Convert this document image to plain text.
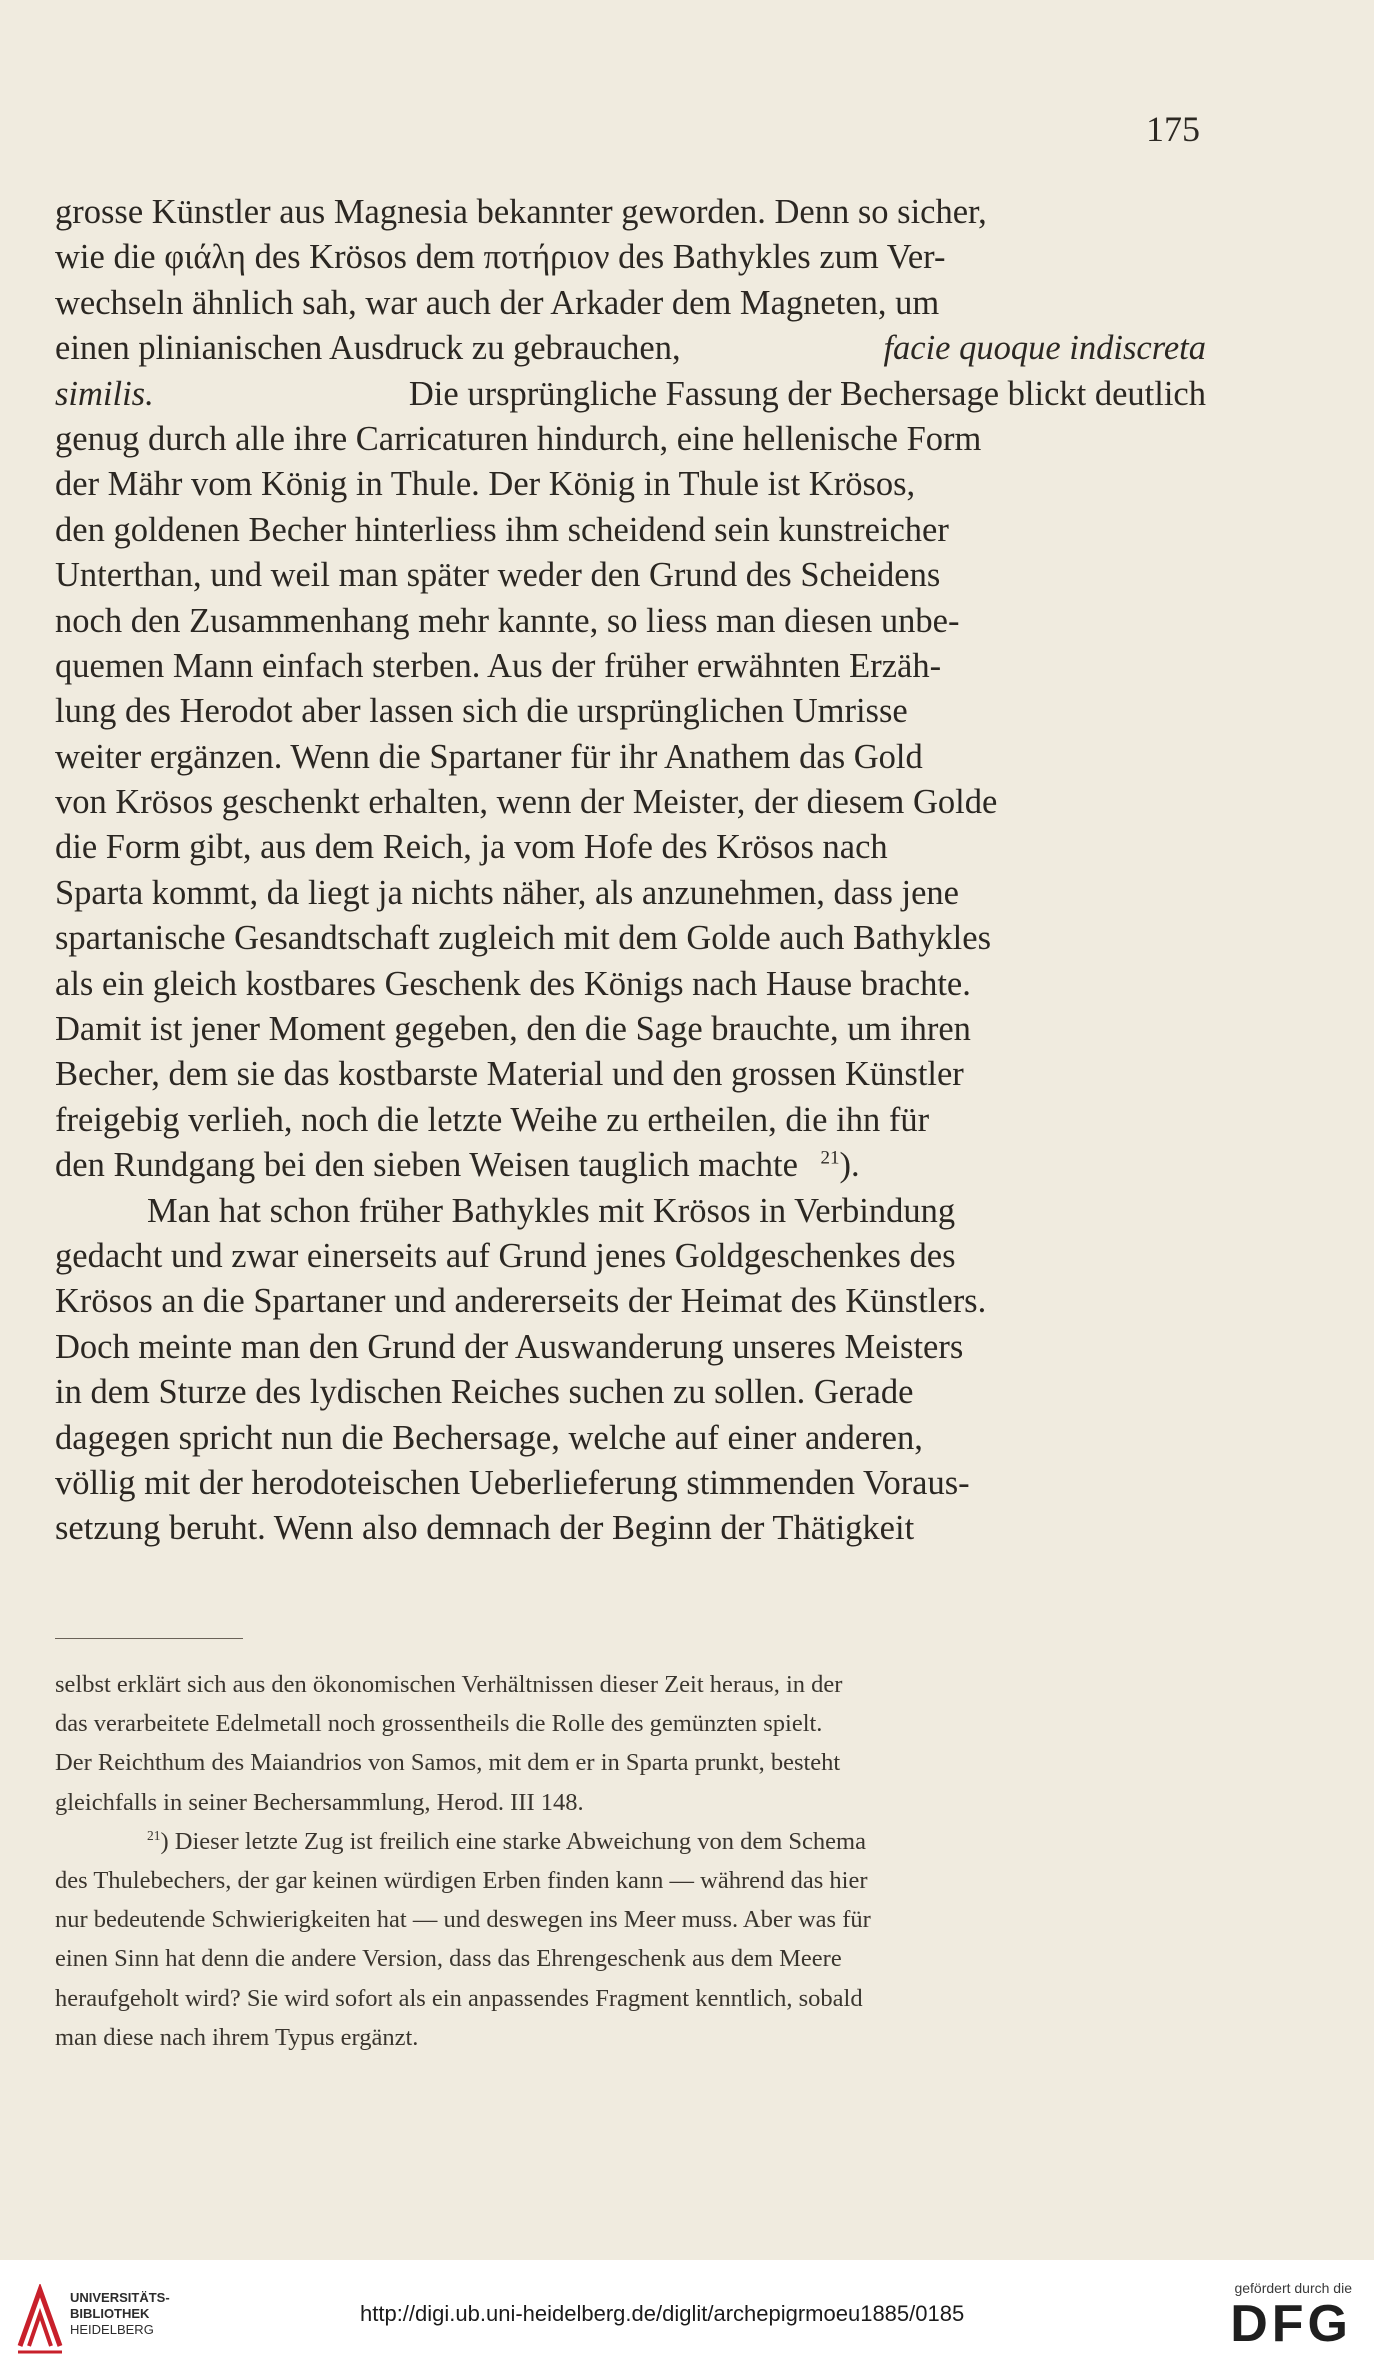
175
grosse Künstler aus Magnesia bekannter geworden. Denn so sicher,
wie die φιάλη des Krösos dem ποτήριον des Bathykles zum Ver-
wechseln ähnlich sah, war auch der Arkader dem Magneten, um
einen plinianischen Ausdruck zu gebrauchen,	facie quoque indiscreta
similis.	Die ursprüngliche Fassung der Bechersage blickt deutlich
genug durch alle ihre Carricaturen hindurch, eine hellenische Form
der Mähr vom König in Thule. Der König in Thule ist Krösos,
den goldenen Becher hinterliess ihm scheidend sein kunstreicher
Unterthan, und weil man später weder den Grund des Scheidens
noch den Zusammenhang mehr kannte, so liess man diesen unbe-
quemen Mann einfach sterben. Aus der früher erwähnten Erzäh-
lung des Herodot aber lassen sich die ursprünglichen Umrisse
weiter ergänzen. Wenn die Spartaner für ihr Anathem das Gold
von Krösos geschenkt erhalten, wenn der Meister, der diesem Golde
die Form gibt, aus dem Reich, ja vom Hofe des Krösos nach
Sparta kommt, da liegt ja nichts näher, als anzunehmen, dass jene
spartanische Gesandtschaft zugleich mit dem Golde auch Bathykles
als ein gleich kostbares Geschenk des Königs nach Hause brachte.
Damit ist jener Moment gegeben, den die Sage brauchte, um ihren
Becher, dem sie das kostbarste Material und den grossen Künstler
freigebig verlieh, noch die letzte Weihe zu ertheilen, die ihn für
den Rundgang bei den sieben Weisen tauglich machte $^{21}$).
Man hat schon früher Bathykles mit Krösos in Verbindung
gedacht und zwar einerseits auf Grund jenes Goldgeschenkes des
Krösos an die Spartaner und andererseits der Heimat des Künstlers.
Doch meinte man den Grund der Auswanderung unseres Meisters
in dem Sturze des lydischen Reiches suchen zu sollen. Gerade
dagegen spricht nun die Bechersage, welche auf einer anderen,
völlig mit der herodoteischen Ueberlieferung stimmenden Voraus-
setzung beruht. Wenn also demnach der Beginn der Thätigkeit
selbst erklärt sich aus den ökonomischen Verhältnissen dieser Zeit heraus, in der
das verarbeitete Edelmetall noch grossentheils die Rolle des gemünzten spielt.
Der Reichthum des Maiandrios von Samos, mit dem er in Sparta prunkt, besteht
gleichfalls in seiner Bechersammlung, Herod. III 148.
$^{21}$) Dieser letzte Zug ist freilich eine starke Abweichung von dem Schema
des Thulebechers, der gar keinen würdigen Erben finden kann — während das hier
nur bedeutende Schwierigkeiten hat — und deswegen ins Meer muss. Aber was für
einen Sinn hat denn die andere Version, dass das Ehrengeschenk aus dem Meere
heraufgeholt wird? Sie wird sofort als ein anpassendes Fragment kenntlich, sobald
man diese nach ihrem Typus ergänzt.
UNIVERSITÄTS-
BIBLIOTHEK
HEIDELBERG
http://digi.ub.uni-heidelberg.de/diglit/archepigrmoeu1885/0185
gefördert durch die
DFG
